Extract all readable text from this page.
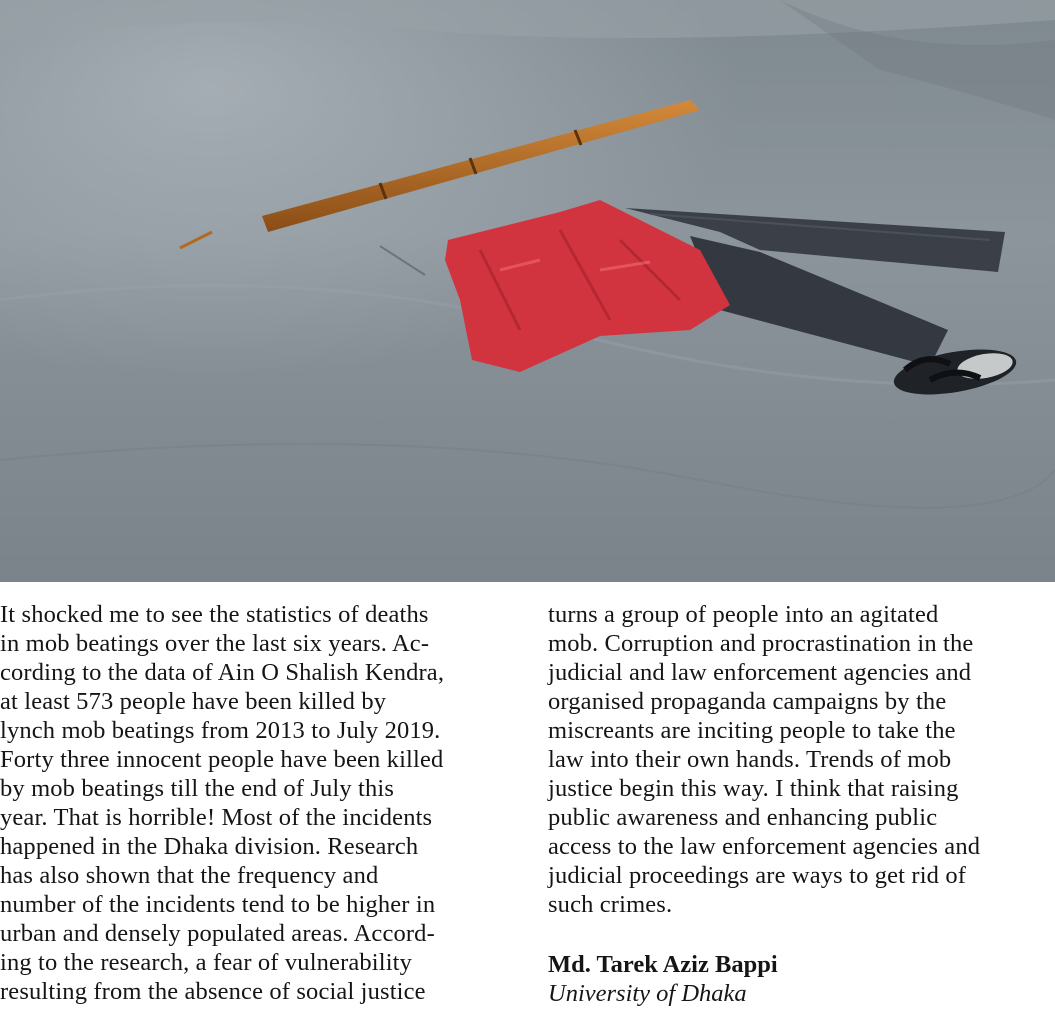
It shocked me to see the statistics of deaths
in mob beatings over the last six years. Ac-
cording to the data of Ain O Shalish Kendra,
at least 573 people have been killed by
lynch mob beatings from 2013 to July 2019.
Forty three innocent people have been killed
by mob beatings till the end of July this
year. That is horrible! Most of the incidents
happened in the Dhaka division. Research
has also shown that the frequency and
number of the incidents tend to be higher in
urban and densely populated areas. Accord-
ing to the research, a fear of vulnerability
resulting from the absence of social justice
turns a group of people into an agitated
mob. Corruption and procrastination in the
judicial and law enforcement agencies and
organised propaganda campaigns by the
miscreants are inciting people to take the
law into their own hands. Trends of mob
justice begin this way. I think that raising
public awareness and enhancing public
access to the law enforcement agencies and
judicial proceedings are ways to get rid of
such crimes.
Md. Tarek Aziz Bappi
University of Dhaka
